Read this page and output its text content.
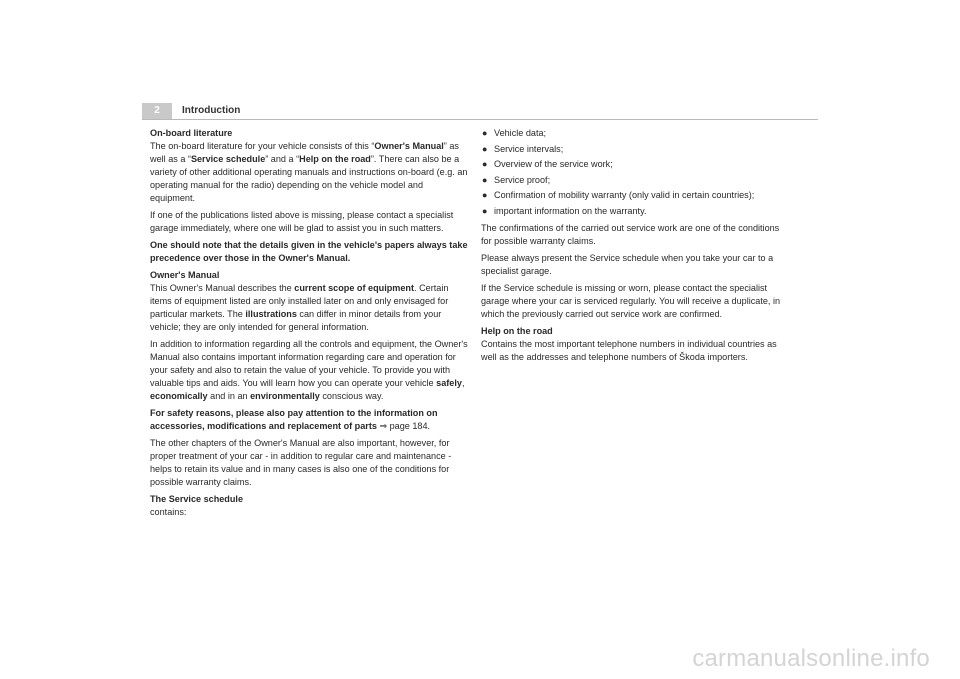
2	Introduction

On-board literature

The on-board literature for your vehicle consists of this “Owner's Manual” as well as a “Service schedule” and a “Help on the road”. There can also be a variety of other additional operating manuals and instructions on-board (e.g. an operating manual for the radio) depending on the vehicle model and equipment.

If one of the publications listed above is missing, please contact a specialist garage immediately, where one will be glad to assist you in such matters.

One should note that the details given in the vehicle's papers always take precedence over those in the Owner's Manual.

Owner's Manual

This Owner's Manual describes the current scope of equipment. Certain items of equipment listed are only installed later on and only envisaged for particular markets. The illustrations can differ in minor details from your vehicle; they are only intended for general information.

In addition to information regarding all the controls and equipment, the Owner's Manual also contains important information regarding care and operation for your safety and also to retain the value of your vehicle. To provide you with valuable tips and aids. You will learn how you can operate your vehicle safely, economically and in an environmentally conscious way.

For safety reasons, please also pay attention to the information on accessories, modifications and replacement of parts ⇒ page 184.

The other chapters of the Owner's Manual are also important, however, for proper treatment of your car - in addition to regular care and maintenance - helps to retain its value and in many cases is also one of the conditions for possible warranty claims.

The Service schedule

contains:

● Vehicle data;
● Service intervals;
● Overview of the service work;
● Service proof;
● Confirmation of mobility warranty (only valid in certain countries);
● important information on the warranty.

The confirmations of the carried out service work are one of the conditions for possible warranty claims.

Please always present the Service schedule when you take your car to a specialist garage.

If the Service schedule is missing or worn, please contact the specialist garage where your car is serviced regularly. You will receive a duplicate, in which the previously carried out service work are confirmed.

Help on the road

Contains the most important telephone numbers in individual countries as well as the addresses and telephone numbers of Škoda importers.

carmanualsonline.info
